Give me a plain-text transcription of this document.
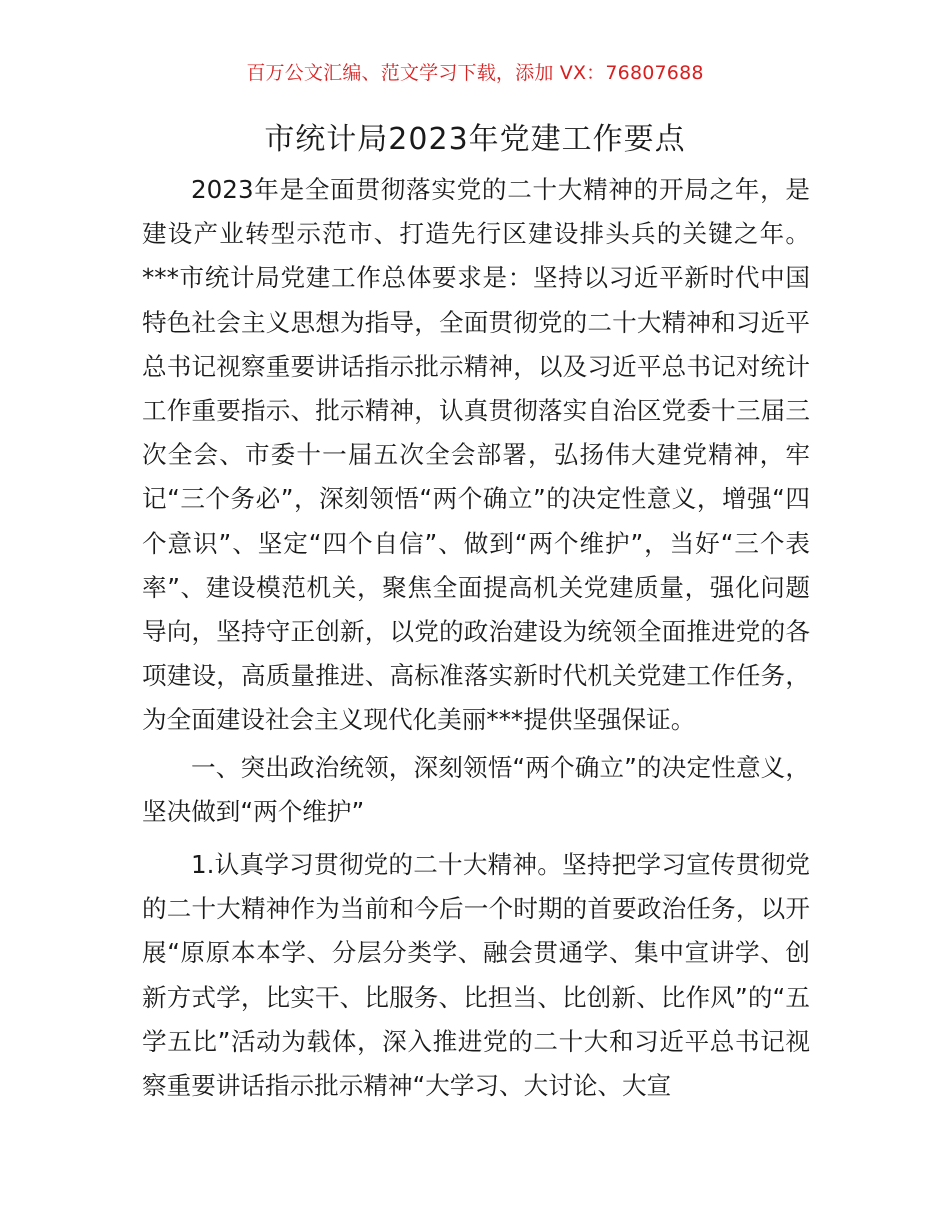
百万公文汇编、范文学习下载，添加 VX：76807688
市统计局2023年党建工作要点

2023年是全面贯彻落实党的二十大精神的开局之年，是建设产业转型示范市、打造先行区建设排头兵的关键之年。***市统计局党建工作总体要求是：坚持以习近平新时代中国特色社会主义思想为指导，全面贯彻党的二十大精神和习近平总书记视察重要讲话指示批示精神，以及习近平总书记对统计工作重要指示、批示精神，认真贯彻落实自治区党委十三届三次全会、市委十一届五次全会部署，弘扬伟大建党精神，牢记“三个务必”，深刻领悟“两个确立”的决定性意义，增强“四个意识”、坚定“四个自信”、做到“两个维护”，当好“三个表率”、建设模范机关，聚焦全面提高机关党建质量，强化问题导向，坚持守正创新，以党的政治建设为统领全面推进党的各项建设，高质量推进、高标准落实新时代机关党建工作任务，为全面建设社会主义现代化美丽***提供坚强保证。

一、突出政治统领，深刻领悟“两个确立”的决定性意义，坚决做到“两个维护”

1.认真学习贯彻党的二十大精神。坚持把学习宣传贯彻党的二十大精神作为当前和今后一个时期的首要政治任务，以开展“原原本本学、分层分类学、融会贯通学、集中宣讲学、创新方式学，比实干、比服务、比担当、比创新、比作风”的“五学五比”活动为载体，深入推进党的二十大和习近平总书记视察重要讲话指示批示精神“大学习、大讨论、大宣
